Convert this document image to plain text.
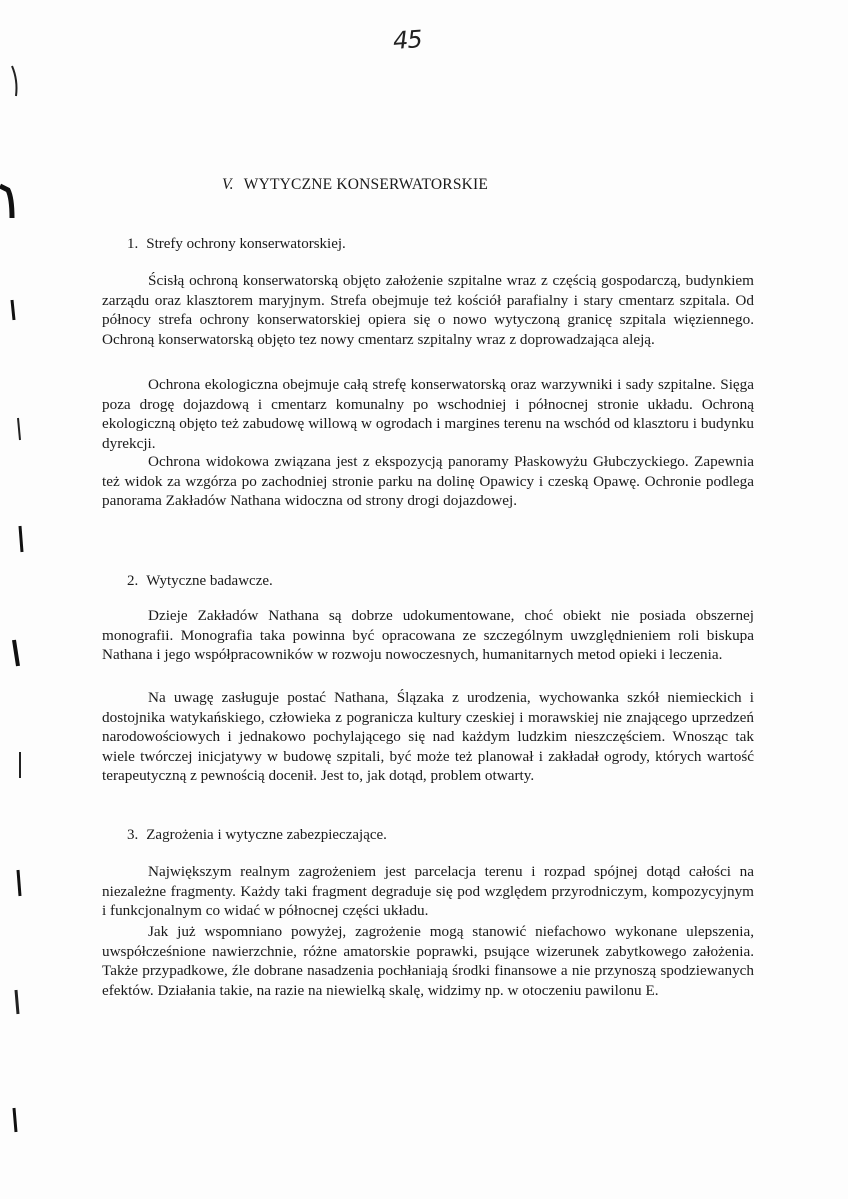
45
V. WYTYCZNE KONSERWATORSKIE
1. Strefy ochrony konserwatorskiej.

Ścisłą ochroną konserwatorską objęto założenie szpitalne wraz z częścią gospodarczą, budynkiem zarządu oraz klasztorem maryjnym. Strefa obejmuje też kościół parafialny i stary cmentarz szpitala. Od północy strefa ochrony konserwatorskiej opiera się o nowo wytyczoną granicę szpitala więziennego. Ochroną konserwatorską objęto tez nowy cmentarz szpitalny wraz z doprowadzająca aleją.

Ochrona ekologiczna obejmuje całą strefę konserwatorską oraz warzywniki i sady szpitalne. Sięga poza drogę dojazdową i cmentarz komunalny po wschodniej i północnej stronie układu. Ochroną ekologiczną objęto też zabudowę willową w ogrodach i margines terenu na wschód od klasztoru i budynku dyrekcji.

Ochrona widokowa związana jest z ekspozycją panoramy Płaskowyżu Głubczyckiego. Zapewnia też widok za wzgórza po zachodniej stronie parku na dolinę Opawicy i czeską Opawę. Ochronie podlega panorama Zakładów Nathana widoczna od strony drogi dojazdowej.

2. Wytyczne badawcze.

Dzieje Zakładów Nathana są dobrze udokumentowane, choć obiekt nie posiada obszernej monografii. Monografia taka powinna być opracowana ze szczególnym uwzględnieniem roli biskupa Nathana i jego współpracowników w rozwoju nowoczesnych, humanitarnych metod opieki i leczenia.

Na uwagę zasługuje postać Nathana, Ślązaka z urodzenia, wychowanka szkół niemieckich i dostojnika watykańskiego, człowieka z pogranicza kultury czeskiej i morawskiej nie znającego uprzedzeń narodowościowych i jednakowo pochylającego się nad każdym ludzkim nieszczęściem. Wnosząc tak wiele twórczej inicjatywy w budowę szpitali, być może też planował i zakładał ogrody, których wartość terapeutyczną z pewnością docenił. Jest to, jak dotąd, problem otwarty.

3. Zagrożenia i wytyczne zabezpieczające.

Największym realnym zagrożeniem jest parcelacja terenu i rozpad spójnej dotąd całości na niezależne fragmenty. Każdy taki fragment degraduje się pod względem przyrodniczym, kompozycyjnym i funkcjonalnym co widać w północnej części układu.

Jak już wspomniano powyżej, zagrożenie mogą stanowić niefachowo wykonane ulepszenia, uwspółcześnione nawierzchnie, różne amatorskie poprawki, psujące wizerunek zabytkowego założenia. Także przypadkowe, źle dobrane nasadzenia pochłaniają środki finansowe a nie przynoszą spodziewanych efektów. Działania takie, na razie na niewielką skalę, widzimy np. w otoczeniu pawilonu E.
